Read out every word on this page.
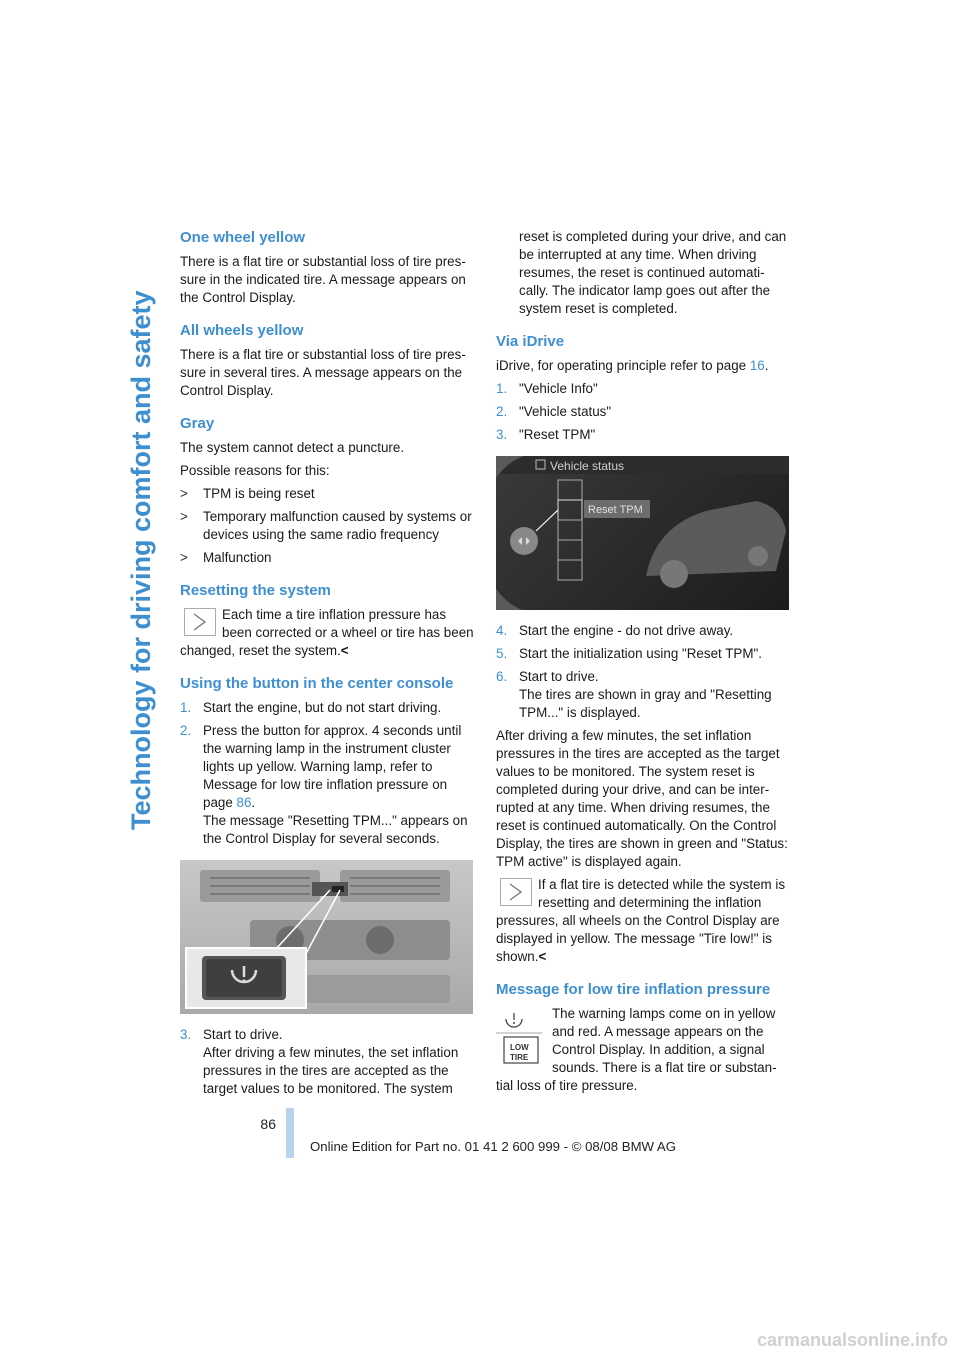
Technology for driving comfort and safety
One wheel yellow

There is a flat tire or substantial loss of tire pres-sure in the indicated tire. A message appears on the Control Display.

All wheels yellow

There is a flat tire or substantial loss of tire pres-sure in several tires. A message appears on the Control Display.

Gray

The system cannot detect a puncture.

Possible reasons for this:

>	TPM is being reset
>	Temporary malfunction caused by systems or devices using the same radio frequency
>	Malfunction
Resetting the system
Each time a tire inflation pressure has been corrected or a wheel or tire has been changed, reset the system.<
Using the button in the center console
1. Start the engine, but do not start driving.
2. Press the button for approx. 4 seconds until the warning lamp in the instrument cluster lights up yellow. Warning lamp, refer to Message for low tire inflation pressure on page 86.
The message "Resetting TPM..." appears on the Control Display for several seconds.
3. Start to drive.
After driving a few minutes, the set inflation pressures in the tires are accepted as the target values to be monitored. The system
reset is completed during your drive, and can be interrupted at any time. When driving resumes, the reset is continued automati-cally. The indicator lamp goes out after the system reset is completed.
Via iDrive

iDrive, for operating principle refer to page 16.

1. "Vehicle Info"
2. "Vehicle status"
3. "Reset TPM"
Vehicle status
Reset TPM
4. Start the engine - do not drive away.
5. Start the initialization using "Reset TPM".
6. Start to drive.
The tires are shown in gray and "Resetting TPM..." is displayed.

After driving a few minutes, the set inflation pressures in the tires are accepted as the target values to be monitored. The system reset is completed during your drive, and can be inter-rupted at any time. When driving resumes, the reset is continued automatically. On the Control Display, the tires are shown in green and "Status: TPM active" is displayed again.

If a flat tire is detected while the system is resetting and determining the inflation pressures, all wheels on the Control Display are displayed in yellow. The message "Tire low!" is shown.<
Message for low tire inflation pressure
LOW
TIRE
The warning lamps come on in yellow and red. A message appears on the Control Display. In addition, a signal sounds. There is a flat tire or substan-tial loss of tire pressure.
86
Online Edition for Part no. 01 41 2 600 999 - © 08/08 BMW AG
carmanualsonline.info
